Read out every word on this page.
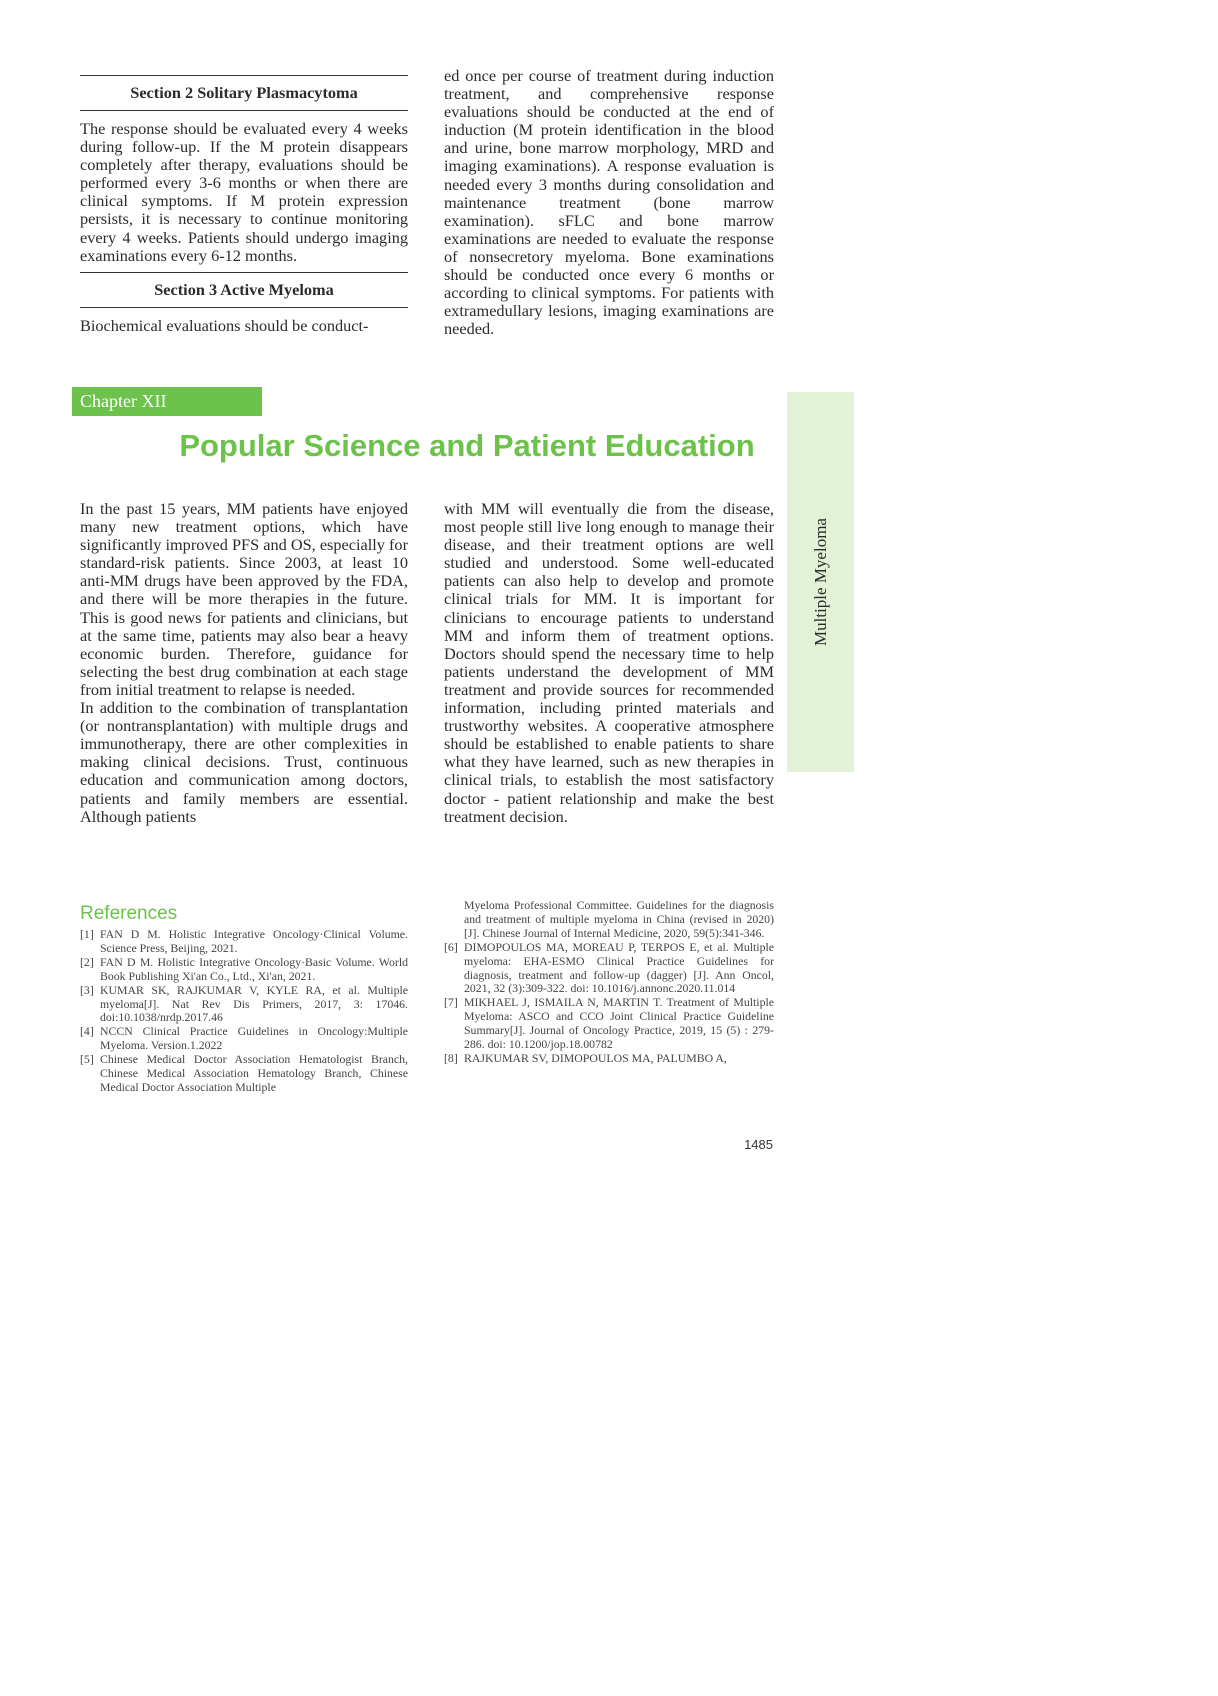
Section 2 Solitary Plasmacytoma

The response should be evaluated every 4 weeks during follow-up. If the M protein disappears completely after therapy, evaluations should be performed every 3-6 months or when there are clinical symptoms. If M protein expression persists, it is necessary to continue monitoring every 4 weeks. Patients should undergo imaging examinations every 6-12 months.

Section 3 Active Myeloma

Biochemical evaluations should be conduct-

ed once per course of treatment during induction treatment, and comprehensive response evaluations should be conducted at the end of induction (M protein identification in the blood and urine, bone marrow morphology, MRD and imaging examinations). A response evaluation is needed every 3 months during consolidation and maintenance treatment (bone marrow examination). sFLC and bone marrow examinations are needed to evaluate the response of nonsecretory myeloma. Bone examinations should be conducted once every 6 months or according to clinical symptoms. For patients with extramedullary lesions, imaging examinations are needed.

Chapter XII
Popular Science and Patient Education
Multiple Myeloma

In the past 15 years, MM patients have enjoyed many new treatment options, which have significantly improved PFS and OS, especially for standard-risk patients. Since 2003, at least 10 anti-MM drugs have been approved by the FDA, and there will be more therapies in the future. This is good news for patients and clinicians, but at the same time, patients may also bear a heavy economic burden. Therefore, guidance for selecting the best drug combination at each stage from initial treatment to relapse is needed.

In addition to the combination of transplantation (or nontransplantation) with multiple drugs and immunotherapy, there are other complexities in making clinical decisions. Trust, continuous education and communication among doctors, patients and family members are essential. Although patients

with MM will eventually die from the disease, most people still live long enough to manage their disease, and their treatment options are well studied and understood. Some well-educated patients can also help to develop and promote clinical trials for MM. It is important for clinicians to encourage patients to understand MM and inform them of treatment options. Doctors should spend the necessary time to help patients understand the development of MM treatment and provide sources for recommended information, including printed materials and trustworthy websites. A cooperative atmosphere should be established to enable patients to share what they have learned, such as new therapies in clinical trials, to establish the most satisfactory doctor - patient relationship and make the best treatment decision.

References
[1] FAN D M. Holistic Integrative Oncology·Clinical Volume. Science Press, Beijing, 2021.
[2] FAN D M. Holistic Integrative Oncology·Basic Volume. World Book Publishing Xi'an Co., Ltd., Xi'an, 2021.
[3] KUMAR SK, RAJKUMAR V, KYLE RA, et al. Multiple myeloma[J]. Nat Rev Dis Primers, 2017, 3: 17046. doi:10.1038/nrdp.2017.46
[4] NCCN Clinical Practice Guidelines in Oncology:Multiple Myeloma. Version.1.2022
[5] Chinese Medical Doctor Association Hematologist Branch, Chinese Medical Association Hematology Branch, Chinese Medical Doctor Association Multiple

Myeloma Professional Committee. Guidelines for the diagnosis and treatment of multiple myeloma in China (revised in 2020) [J]. Chinese Journal of Internal Medicine, 2020, 59(5):341-346.

[6] DIMOPOULOS MA, MOREAU P, TERPOS E, et al. Multiple myeloma: EHA-ESMO Clinical Practice Guidelines for diagnosis, treatment and follow-up (dagger) [J]. Ann Oncol, 2021, 32 (3):309-322. doi: 10.1016/j.annonc.2020.11.014
[7] MIKHAEL J, ISMAILA N, MARTIN T. Treatment of Multiple Myeloma: ASCO and CCO Joint Clinical Practice Guideline Summary[J]. Journal of Oncology Practice, 2019, 15 (5) : 279-286. doi: 10.1200/jop.18.00782
[8] RAJKUMAR SV, DIMOPOULOS MA, PALUMBO A,
1485
